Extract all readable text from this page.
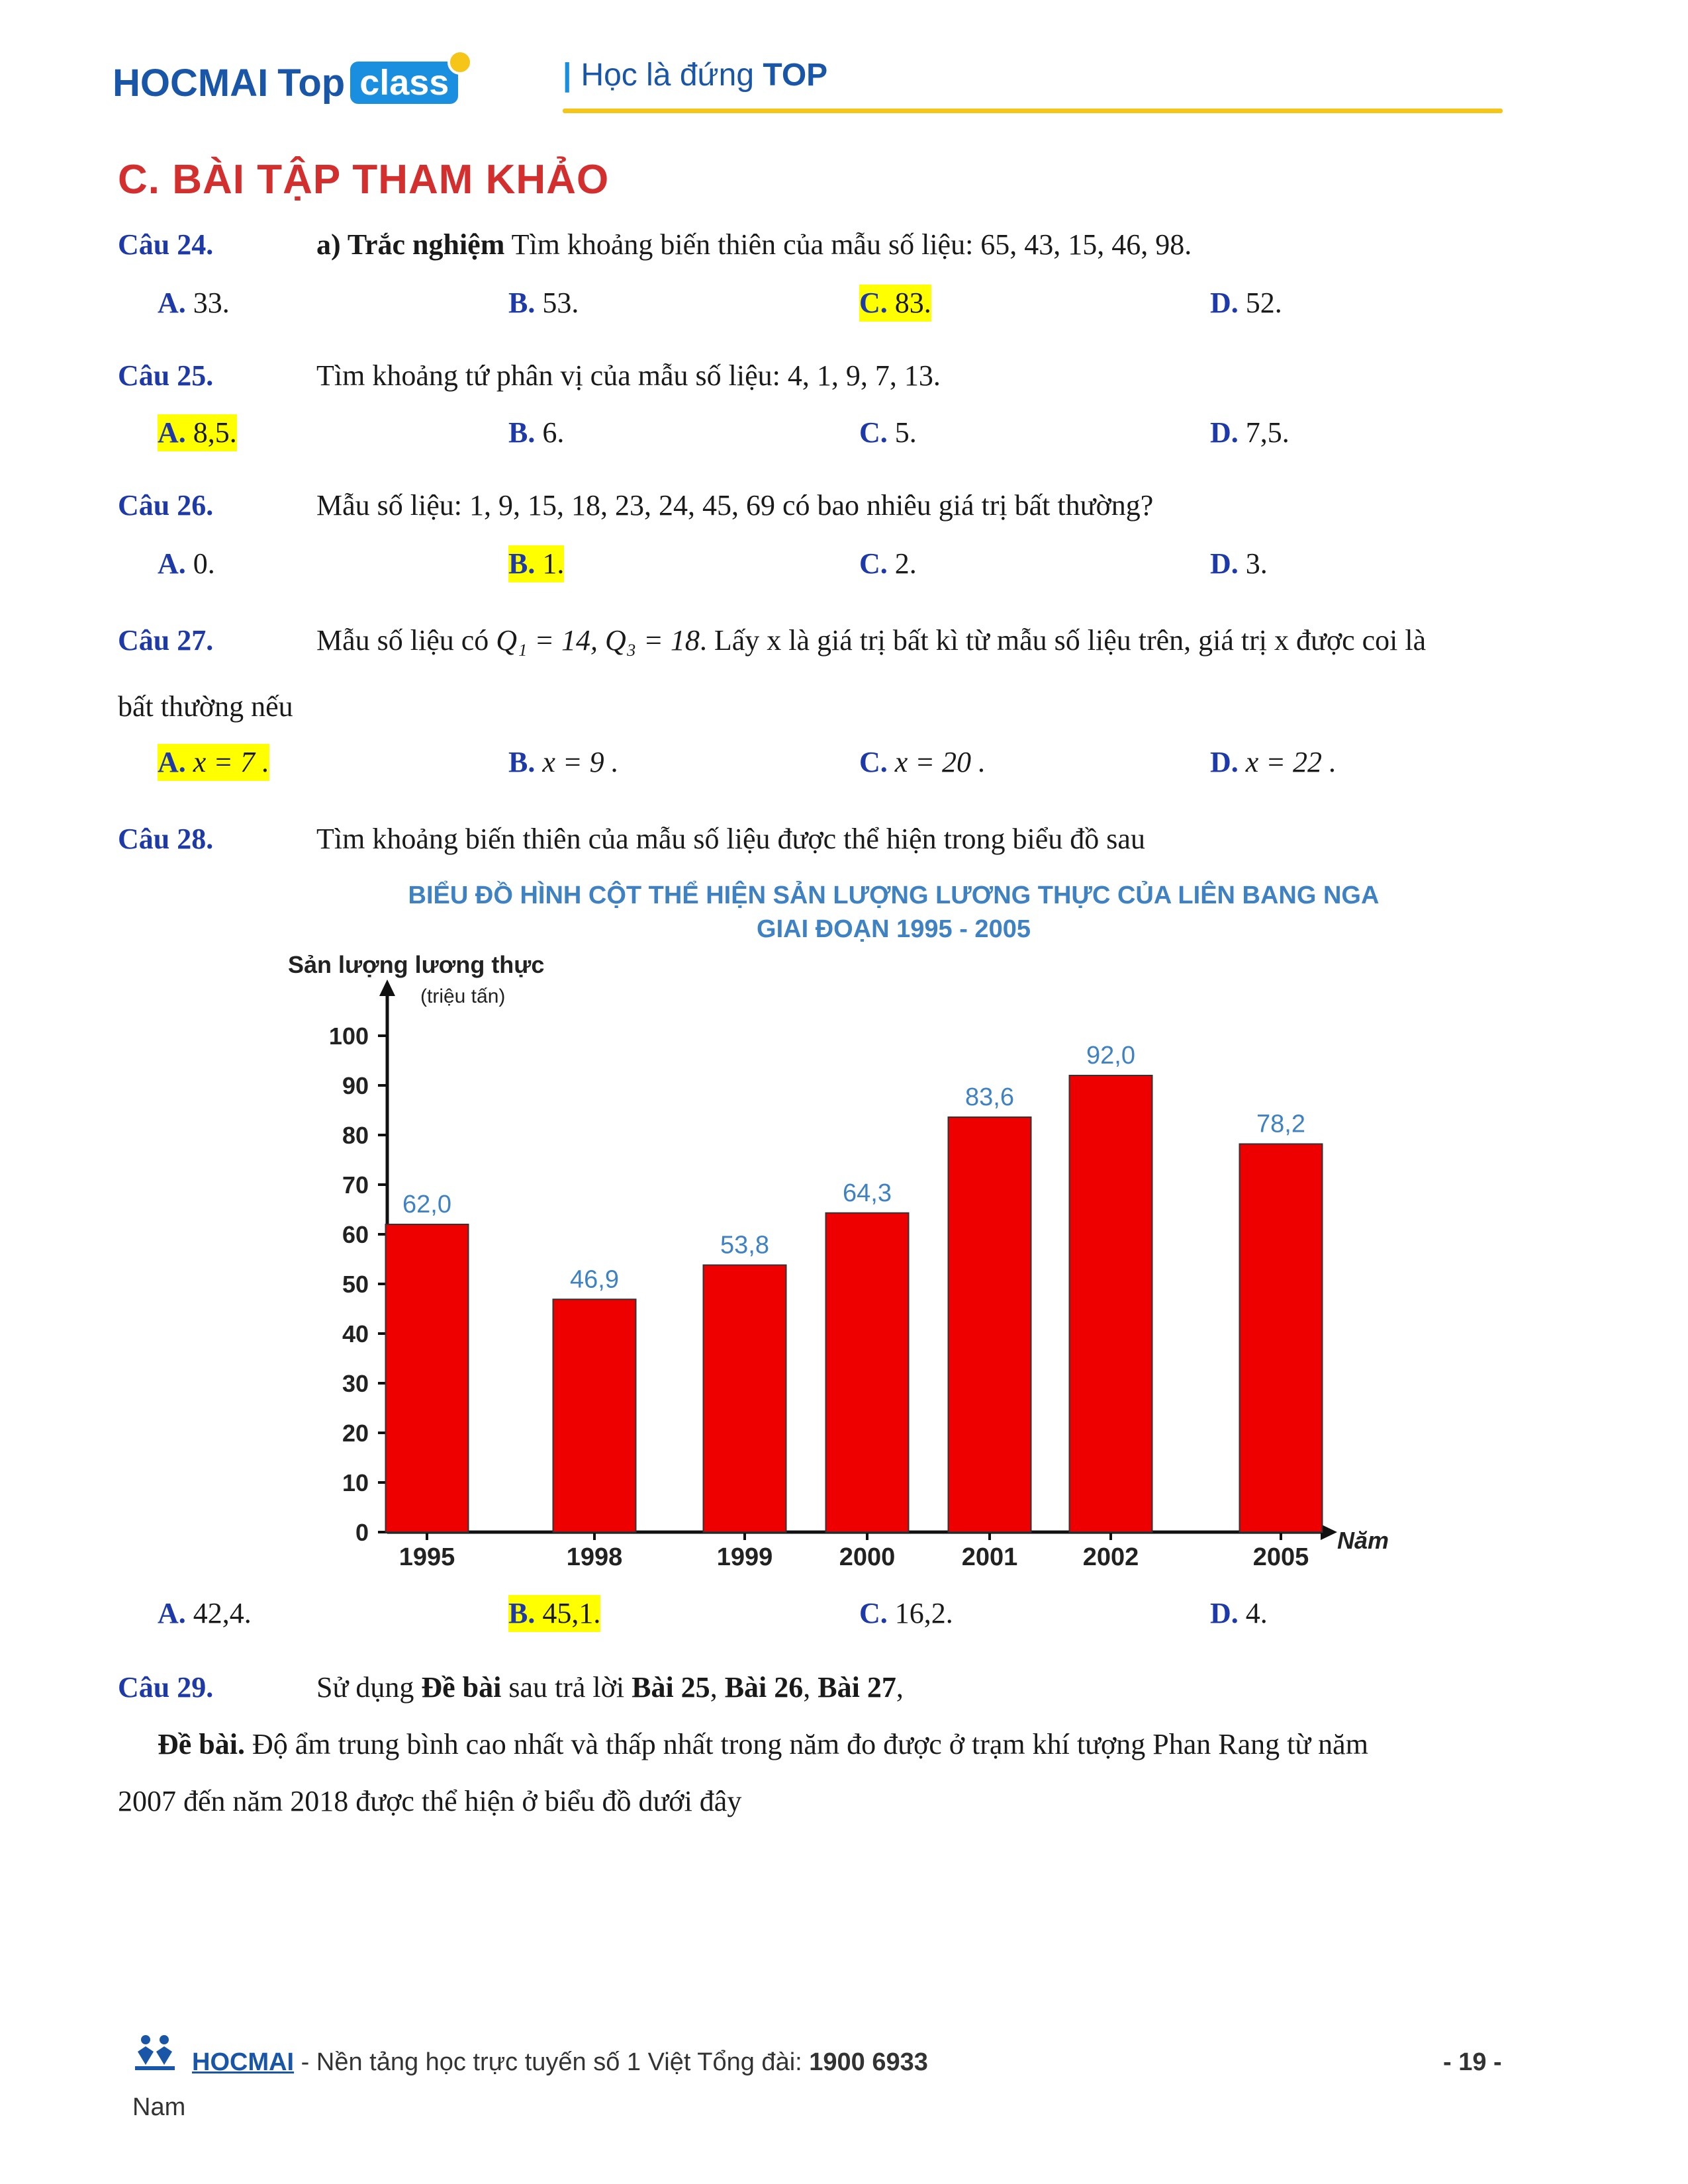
HOCMAI Top class	| Học là đứng TOP
C. BÀI TẬP THAM KHẢO
Câu 24.	a) Trắc nghiệm Tìm khoảng biến thiên của mẫu số liệu: 65, 43, 15, 46, 98.
A. 33.	B. 53.	C. 83.	D. 52.
Câu 25.	Tìm khoảng tứ phân vị của mẫu số liệu: 4, 1, 9, 7, 13.
A. 8,5.	B. 6.	C. 5.	D. 7,5.
Câu 26.	Mẫu số liệu: 1, 9, 15, 18, 23, 24, 45, 69 có bao nhiêu giá trị bất thường?
A. 0.	B. 1.	C. 2.	D. 3.
Câu 27.	Mẫu số liệu có Q₁ = 14, Q₃ = 18. Lấy x là giá trị bất kì từ mẫu số liệu trên, giá trị x được coi là
bất thường nếu
A. x = 7 .	B. x = 9 .	C. x = 20 .	D. x = 22 .
Câu 28.	Tìm khoảng biến thiên của mẫu số liệu được thể hiện trong biểu đồ sau
BIỂU ĐỒ HÌNH CỘT THỂ HIỆN SẢN LƯỢNG LƯƠNG THỰC CỦA LIÊN BANG NGA
GIAI ĐOẠN 1995 - 2005
Sản lượng lương thực
(triệu tấn)
Năm
0
10
20
30
40
50
60
70
80
90
100
1995	1998	1999	2000	2001	2002	2005
62,0
46,9
53,8
64,3
83,6
92,0
78,2
A. 42,4.	B. 45,1.	C. 16,2.	D. 4.
Câu 29.	Sử dụng Đề bài sau trả lời Bài 25, Bài 26, Bài 27,
Đề bài. Độ ẩm trung bình cao nhất và thấp nhất trong năm đo được ở trạm khí tượng Phan Rang từ năm
2007 đến năm 2018 được thể hiện ở biểu đồ dưới đây
HOCMAI - Nền tảng học trực tuyến số 1 Việt Tổng đài: 1900 6933	- 19 -
Nam
